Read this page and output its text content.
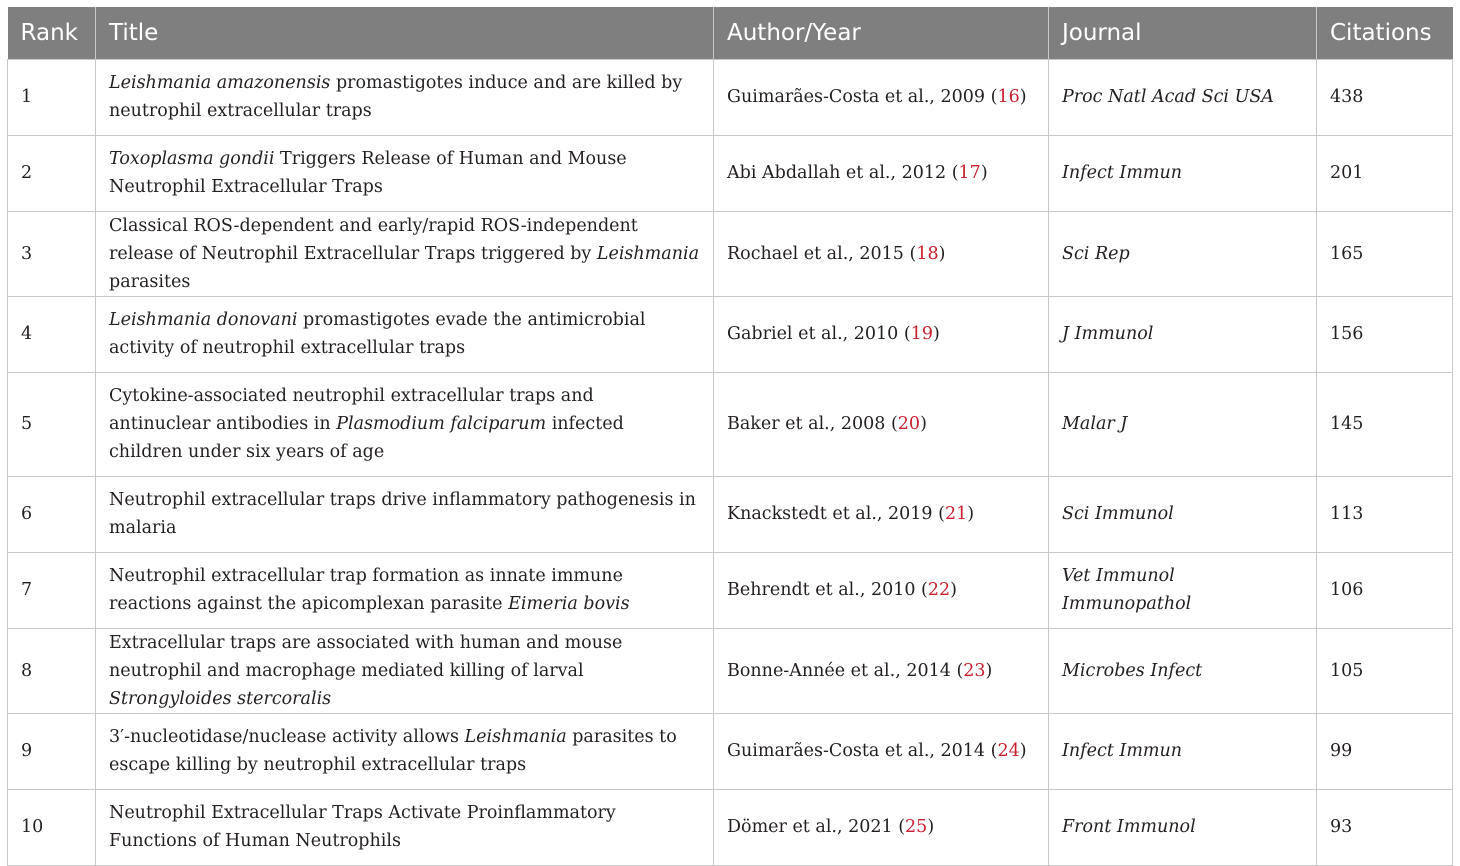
Rank	Title	Author/Year	Journal	Citations
1	Leishmania amazonensis promastigotes induce and are killed by neutrophil extracellular traps	Guimarães-Costa et al., 2009 (16)	Proc Natl Acad Sci USA	438
2	Toxoplasma gondii Triggers Release of Human and Mouse Neutrophil Extracellular Traps	Abi Abdallah et al., 2012 (17)	Infect Immun	201
3	Classical ROS-dependent and early/rapid ROS-independent release of Neutrophil Extracellular Traps triggered by Leishmania parasites	Rochael et al., 2015 (18)	Sci Rep	165
4	Leishmania donovani promastigotes evade the antimicrobial activity of neutrophil extracellular traps	Gabriel et al., 2010 (19)	J Immunol	156
5	Cytokine-associated neutrophil extracellular traps and antinuclear antibodies in Plasmodium falciparum infected children under six years of age	Baker et al., 2008 (20)	Malar J	145
6	Neutrophil extracellular traps drive inflammatory pathogenesis in malaria	Knackstedt et al., 2019 (21)	Sci Immunol	113
7	Neutrophil extracellular trap formation as innate immune reactions against the apicomplexan parasite Eimeria bovis	Behrendt et al., 2010 (22)	Vet Immunol Immunopathol	106
8	Extracellular traps are associated with human and mouse neutrophil and macrophage mediated killing of larval Strongyloides stercoralis	Bonne-Année et al., 2014 (23)	Microbes Infect	105
9	3′-nucleotidase/nuclease activity allows Leishmania parasites to escape killing by neutrophil extracellular traps	Guimarães-Costa et al., 2014 (24)	Infect Immun	99
10	Neutrophil Extracellular Traps Activate Proinflammatory Functions of Human Neutrophils	Dömer et al., 2021 (25)	Front Immunol	93
